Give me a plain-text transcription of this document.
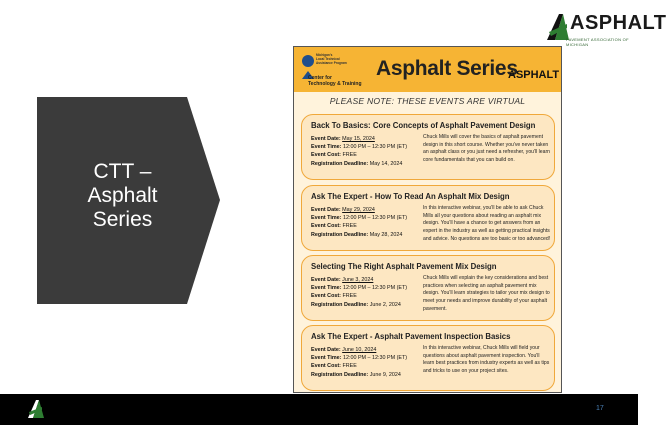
ASPHALT
PAVEMENT ASSOCIATION OF MICHIGAN
CTT –
Asphalt
Series
Michigan's
Local Technical
Assistance Program
Center for
Technology & Training
Asphalt Series
ASPHALT
PLEASE NOTE: THESE EVENTS ARE VIRTUAL
Back To Basics: Core Concepts of Asphalt Pavement Design
Event Date: May 15, 2024
Event Time: 12:00 PM – 12:30 PM (ET)
Event Cost: FREE
Registration Deadline: May 14, 2024
Chuck Mills will cover the basics of asphalt pavement design in this short course. Whether you've never taken an asphalt class or you just need a refresher, you'll learn core fundamentals that you can build on.
Ask The Expert - How To Read An Asphalt Mix Design
Event Date: May 29, 2024
Event Time: 12:00 PM – 12:30 PM (ET)
Event Cost: FREE
Registration Deadline: May 28, 2024
In this interactive webinar, you'll be able to ask Chuck Mills all your questions about reading an asphalt mix design. You'll have a chance to get answers from an expert in the industry as well as getting practical insights and advice. No questions are too basic or too advanced!
Selecting The Right Asphalt Pavement Mix Design
Event Date: June 3, 2024
Event Time: 12:00 PM – 12:30 PM (ET)
Event Cost: FREE
Registration Deadline: June 2, 2024
Chuck Mills will explain the key considerations and best practices when selecting an asphalt pavement mix design. You'll learn strategies to tailor your mix design to meet your needs and improve durability of your asphalt pavement.
Ask The Expert - Asphalt Pavement Inspection Basics
Event Date: June 10, 2024
Event Time: 12:00 PM – 12:30 PM (ET)
Event Cost: FREE
Registration Deadline: June 9, 2024
In this interactive webinar, Chuck Mills will field your questions about asphalt pavement inspection. You'll learn best practices from industry experts as well as tips and tricks to use on your project sites.
17
